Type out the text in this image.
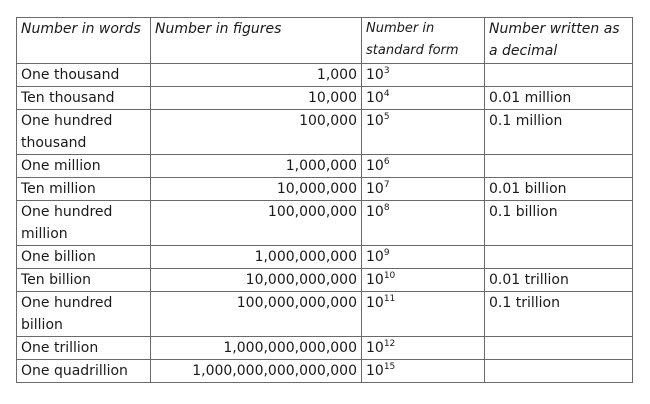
Number in words	Number in figures	Number in standard form	Number written as a decimal
One thousand	1,000	$10^3$	
Ten thousand	10,000	$10^4$	0.01 million
One hundred thousand	100,000	$10^5$	0.1 million
One million	1,000,000	$10^6$	
Ten million	10,000,000	$10^7$	0.01 billion
One hundred million	100,000,000	$10^8$	0.1 billion
One billion	1,000,000,000	$10^9$	
Ten billion	10,000,000,000	$10^{10}$	0.01 trillion
One hundred billion	100,000,000,000	$10^{11}$	0.1 trillion
One trillion	1,000,000,000,000	$10^{12}$	
One quadrillion	1,000,000,000,000,000	$10^{15}$	
